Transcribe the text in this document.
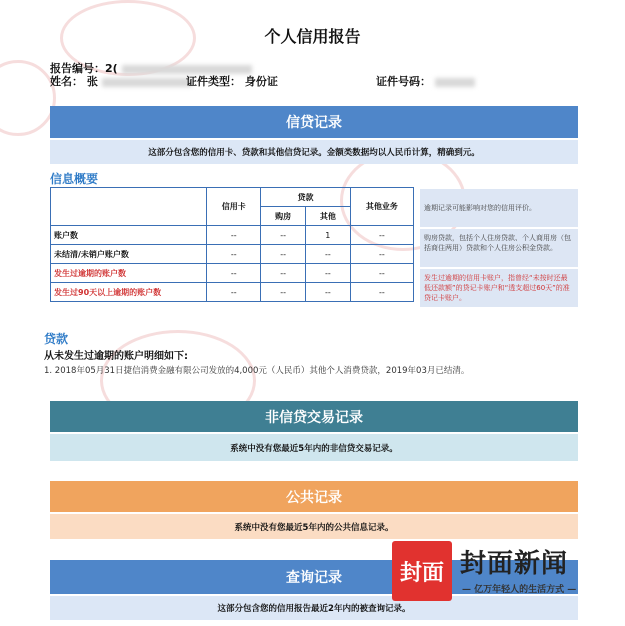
个人信用报告
报告编号：2(
姓名： 张	证件类型： 身份证	证件号码：
信贷记录
这部分包含您的信用卡、贷款和其他信贷记录。金额类数据均以人民币计算，精确到元。
信息概要
	信用卡	贷款		其他业务
		购房	其他	
账户数	--	--	1	--
未结清/未销户账户数	--	--	--	--
发生过逾期的账户数	--	--	--	--
发生过90天以上逾期的账户数	--	--	--	--
逾期记录可能影响对您的信用评价。
购房贷款，包括个人住房贷款、个人商用房（包括商住两用）贷款和个人住房公积金贷款。
发生过逾期的信用卡账户，指曾经“未按时还最低还款额”的贷记卡账户和“透支超过60天”的准贷记卡账户。
贷款
从未发生过逾期的账户明细如下:
1. 2018年05月31日捷信消费金融有限公司发放的4,000元（人民币）其他个人消费贷款，2019年03月已结清。
非信贷交易记录
系统中没有您最近5年内的非信贷交易记录。
公共记录
系统中没有您最近5年内的公共信息记录。
查询记录
这部分包含您的信用报告最近2年内的被查询记录。
封面 封面新闻
— 亿万年轻人的生活方式 —
